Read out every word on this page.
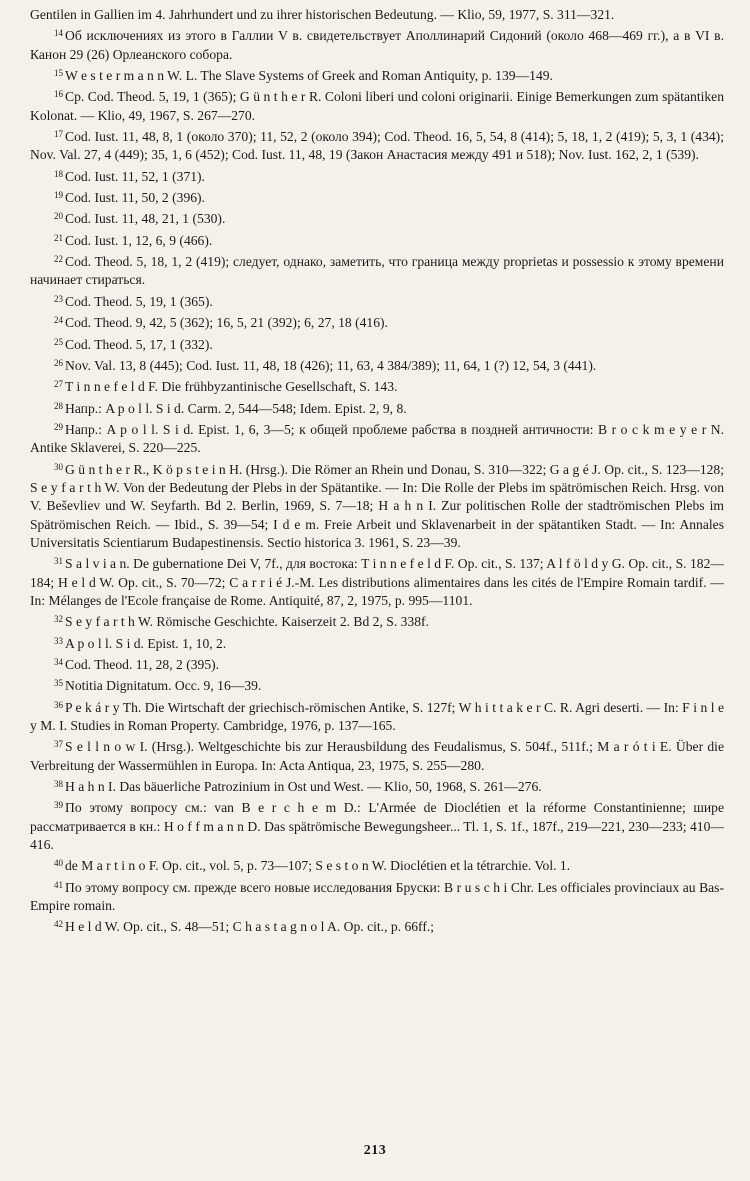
Gentilen in Gallien im 4. Jahrhundert und zu ihrer historischen Bedeutung. — Klio, 59, 1977, S. 311—321.

$^{14}$ Об исключениях из этого в Галлии V в. свидетельствует Аполлинарий Сидоний (около 468—469 гг.), а в VI в. Канон 29 (26) Орлеанского собора.

$^{15}$ W e s t e r m a n n W. L. The Slave Systems of Greek and Roman Antiquity, p. 139—149.

$^{16}$ Cp. Cod. Theod. 5, 19, 1 (365); G ü n t h e r R. Coloni liberi und coloni originarii. Einige Bemerkungen zum spätantiken Kolonat. — Klio, 49, 1967, S. 267—270.

$^{17}$ Cod. Iust. 11, 48, 8, 1 (около 370); 11, 52, 2 (около 394); Cod. Theod. 16, 5, 54, 8 (414); 5, 18, 1, 2 (419); 5, 3, 1 (434); Nov. Val. 27, 4 (449); 35, 1, 6 (452); Cod. Iust. 11, 48, 19 (Закон Анастасия между 491 и 518); Nov. Iust. 162, 2, 1 (539).

$^{18}$ Cod. Iust. 11, 52, 1 (371).

$^{19}$ Cod. Iust. 11, 50, 2 (396).

$^{20}$ Cod. Iust. 11, 48, 21, 1 (530).

$^{21}$ Cod. Iust. 1, 12, 6, 9 (466).

$^{22}$ Cod. Theod. 5, 18, 1, 2 (419); следует, однако, заметить, что граница между proprietas и possessio к этому времени начинает стираться.

$^{23}$ Cod. Theod. 5, 19, 1 (365).

$^{24}$ Cod. Theod. 9, 42, 5 (362); 16, 5, 21 (392); 6, 27, 18 (416).

$^{25}$ Cod. Theod. 5, 17, 1 (332).

$^{26}$ Nov. Val. 13, 8 (445); Cod. Iust. 11, 48, 18 (426); 11, 63, 4 384/389); 11, 64, 1 (?) 12, 54, 3 (441).

$^{27}$ T i n n e f e l d F. Die frühbyzantinische Gesellschaft, S. 143.

$^{28}$ Напр.: A p o l l. S i d. Carm. 2, 544—548; Idem. Epist. 2, 9, 8.

$^{29}$ Напр.: A p o l l. S i d. Epist. 1, 6, 3—5; к общей проблеме рабства в поздней античности: B r o c k m e y e r N. Antike Sklaverei, S. 220—225.

$^{30}$ G ü n t h e r R., K ö p s t e i n H. (Hrsg.). Die Römer an Rhein und Donau, S. 310—322; G a g é J. Op. cit., S. 123—128; S e y f a r t h W. Von der Bedeutung der Plebs in der Spätantike. — In: Die Rolle der Plebs im spätrömischen Reich. Hrsg. von V. Beševliev und W. Seyfarth. Bd 2. Berlin, 1969, S. 7—18; H a h n I. Zur politischen Rolle der stadtrömischen Plebs im Spätrömischen Reich. — Ibid., S. 39—54; I d e m. Freie Arbeit und Sklavenarbeit in der spätantiken Stadt. — In: Annales Universitatis Scientiarum Budapestinensis. Sectio historica 3. 1961, S. 23—39.

$^{31}$ S a l v i a n. De gubernatione Dei V, 7f., для востока: T i n n e f e l d F. Op. cit., S. 137; A l f ö l d y G. Op. cit., S. 182—184; H e l d W. Op. cit., S. 70—72; C a r r i é J.-M. Les distributions alimentaires dans les cités de l'Empire Romain tardif. — In: Mélanges de l'Ecole française de Rome. Antiquité, 87, 2, 1975, p. 995—1101.

$^{32}$ S e y f a r t h W. Römische Geschichte. Kaiserzeit 2. Bd 2, S. 338f.

$^{33}$ A p o l l. S i d. Epist. 1, 10, 2.

$^{34}$ Cod. Theod. 11, 28, 2 (395).

$^{35}$ Notitia Dignitatum. Occ. 9, 16—39.

$^{36}$ P e k á r y Th. Die Wirtschaft der griechisch-römischen Antike, S. 127f; W h i t t a k e r C. R. Agri deserti. — In: F i n l e y M. I. Studies in Roman Property. Cambridge, 1976, p. 137—165.

$^{37}$ S e l l n o w I. (Hrsg.). Weltgeschichte bis zur Herausbildung des Feudalismus, S. 504f., 511f.; M a r ó t i E. Über die Verbreitung der Wassermühlen in Europa. In: Acta Antiqua, 23, 1975, S. 255—280.

$^{38}$ H a h n I. Das bäuerliche Patrozinium in Ost und West. — Klio, 50, 1968, S. 261—276.

$^{39}$ По этому вопросу см.: van B e r c h e m D.: L'Armée de Dioclétien et la réforme Constantinienne; шире рассматривается в кн.: H o f f m a n n D. Das spätrömische Bewegungsheer... Tl. 1, S. 1f., 187f., 219—221, 230—233; 410—416.

$^{40}$ de M a r t i n o F. Op. cit., vol. 5, p. 73—107; S e s t o n W. Dioclétien et la tétrarchie. Vol. 1.

$^{41}$ По этому вопросу см. прежде всего новые исследования Бруски: B r u s c h i Chr. Les officiales provinciaux au Bas-Empire romain.

$^{42}$ H e l d W. Op. cit., S. 48—51; C h a s t a g n o l A. Op. cit., p. 66ff.;

213
